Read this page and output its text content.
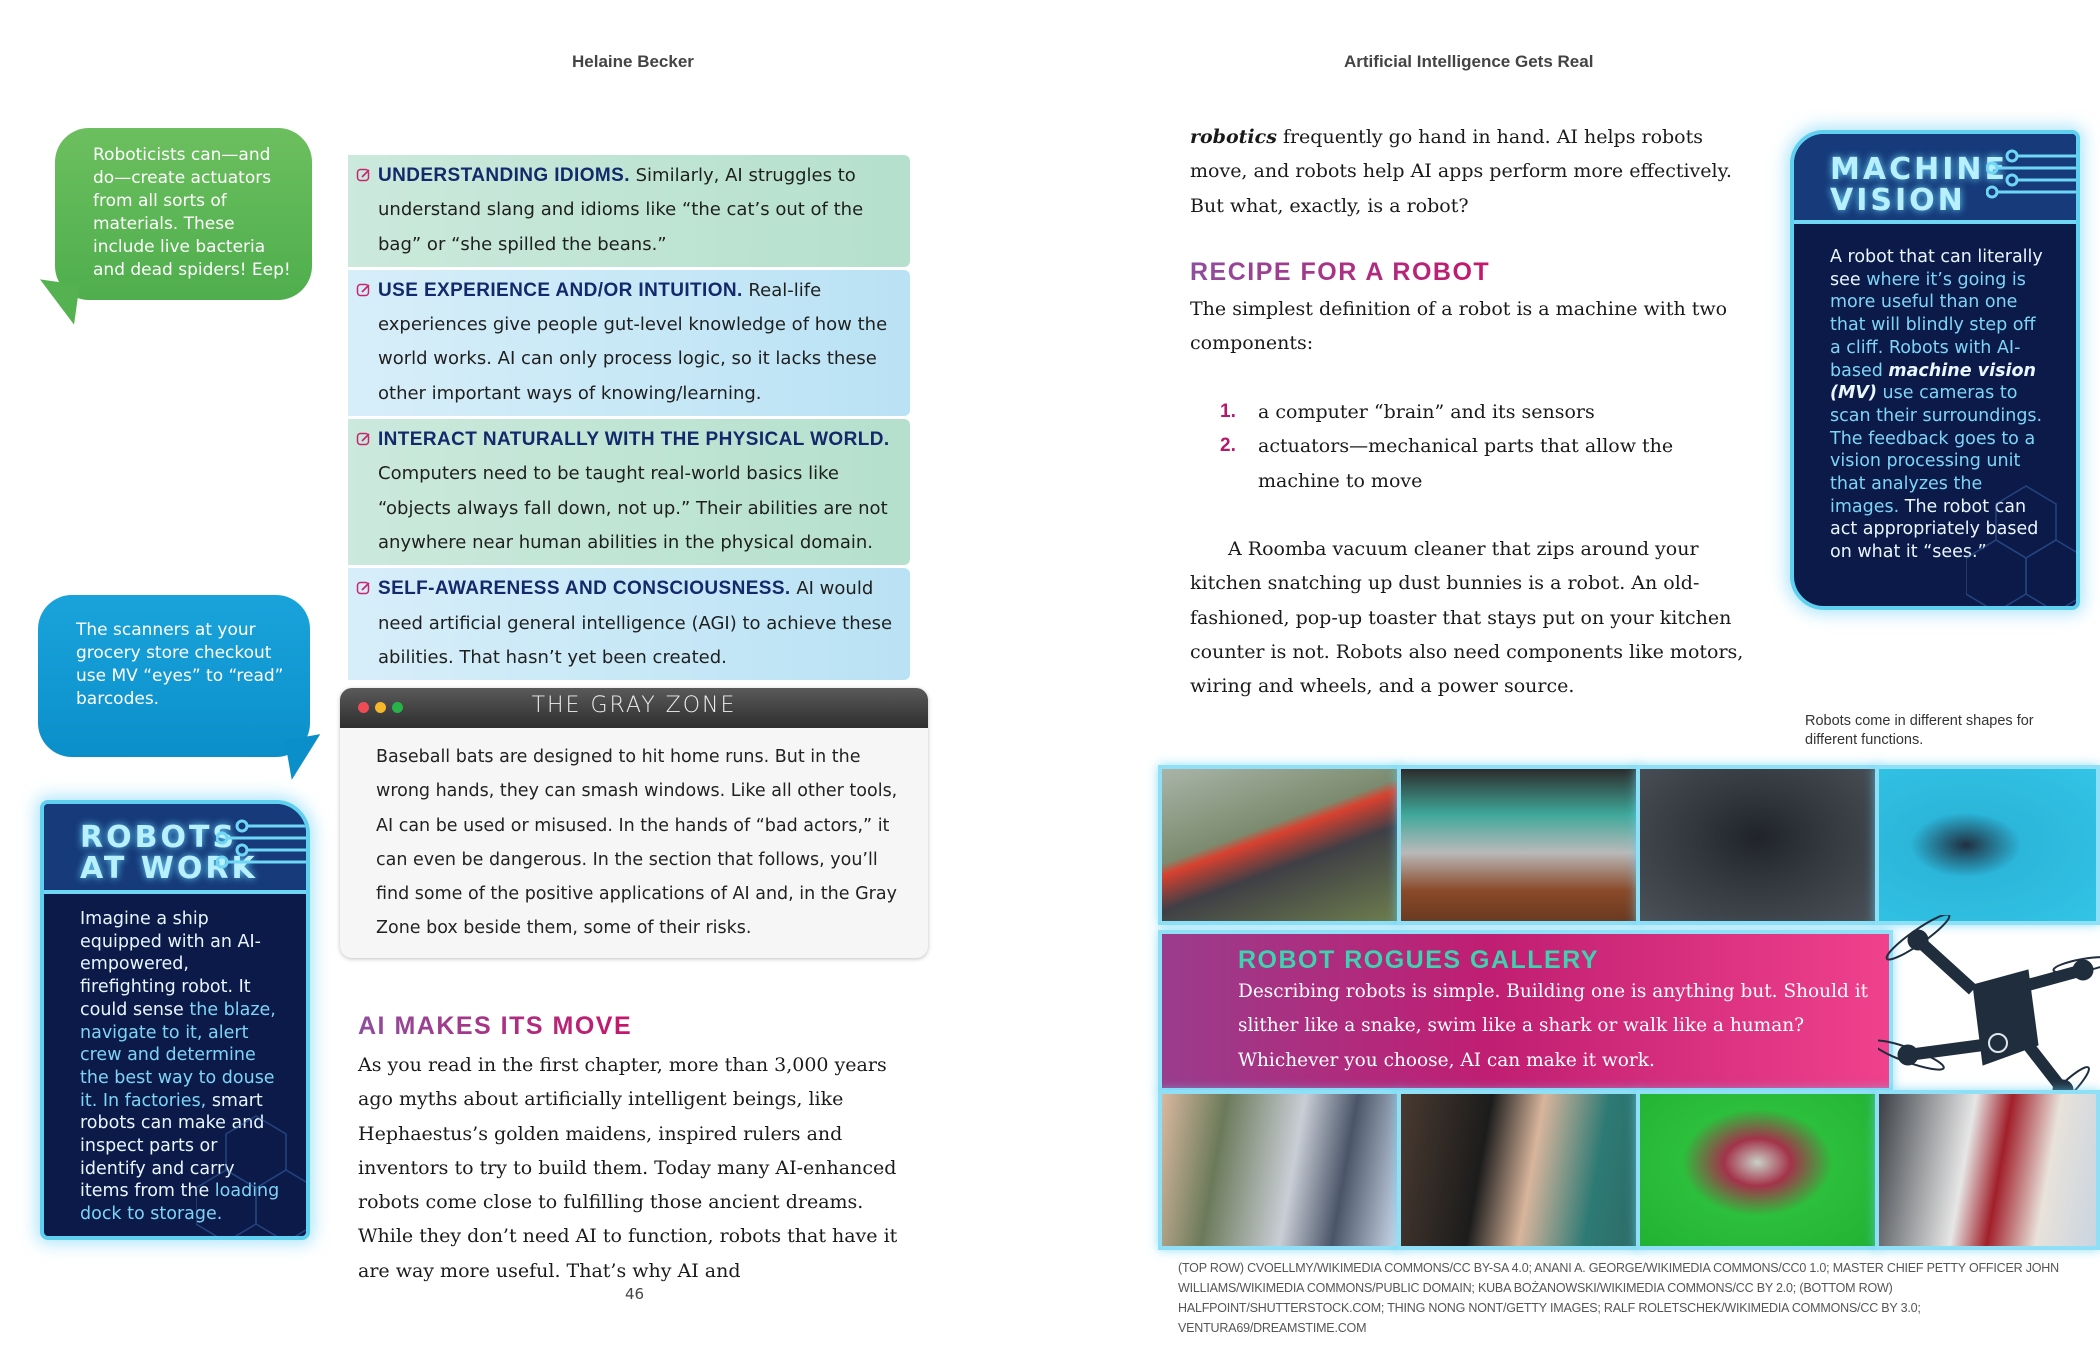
Helaine Becker
Roboticists can—and do—create actuators from all sorts of materials. These include live bacteria and dead spiders! Eep!
UNDERSTANDING IDIOMS. Similarly, AI struggles to understand slang and idioms like “the cat’s out of the bag” or “she spilled the beans.”
USE EXPERIENCE AND/OR INTUITION. Real-life experiences give people gut-level knowledge of how the world works. AI can only process logic, so it lacks these other important ways of knowing/learning.
INTERACT NATURALLY WITH THE PHYSICAL WORLD. Computers need to be taught real-world basics like “objects always fall down, not up.” Their abilities are not anywhere near human abilities in the physical domain.
SELF-AWARENESS AND CONSCIOUSNESS. AI would need artificial general intelligence (AGI) to achieve these abilities. That hasn’t yet been created.
The scanners at your grocery store checkout use MV “eyes” to “read” barcodes.
ROBOTS
AT WORK
Imagine a ship equipped with an AI-empowered, firefighting robot. It could sense the blaze, navigate to it, alert crew and determine the best way to douse it. In factories, smart robots can make and inspect parts or identify and carry items from the loading dock to storage.
THE GRAY ZONE
Baseball bats are designed to hit home runs. But in the wrong hands, they can smash windows. Like all other tools, AI can be used or misused. In the hands of “bad actors,” it can even be dangerous. In the section that follows, you’ll find some of the positive applications of AI and, in the Gray Zone box beside them, some of their risks.
AI MAKES ITS MOVE
As you read in the first chapter, more than 3,000 years ago myths about artificially intelligent beings, like Hephaestus’s golden maidens, inspired rulers and inventors to try to build them. Today many AI-enhanced robots come close to fulfilling those ancient dreams. While they don’t need AI to function, robots that have it are way more useful. That’s why AI and
46
Artificial Intelligence Gets Real
robotics frequently go hand in hand. AI helps robots move, and robots help AI apps perform more effectively. But what, exactly, is a robot?
RECIPE FOR A ROBOT
The simplest definition of a robot is a machine with two components:
1. a computer “brain” and its sensors
2. actuators—mechanical parts that allow the machine to move
A Roomba vacuum cleaner that zips around your kitchen snatching up dust bunnies is a robot. An old-fashioned, pop-up toaster that stays put on your kitchen counter is not. Robots also need components like motors, wiring and wheels, and a power source.
MACHINE
VISION
A robot that can literally see where it’s going is more useful than one that will blindly step off a cliff. Robots with AI-based machine vision (MV) use cameras to scan their surroundings. The feedback goes to a vision processing unit that analyzes the images. The robot can act appropriately based on what it “sees.”
Robots come in different shapes for different functions.
ROBOT ROGUES GALLERY
Describing robots is simple. Building one is anything but. Should it slither like a snake, swim like a shark or walk like a human? Whichever you choose, AI can make it work.
(TOP ROW) CVOELLMY/WIKIMEDIA COMMONS/CC BY-SA 4.0; ANANI A. GEORGE/WIKIMEDIA COMMONS/CC0 1.0; MASTER CHIEF PETTY OFFICER JOHN WILLIAMS/WIKIMEDIA COMMONS/PUBLIC DOMAIN; KUBA BOŻANOWSKI/WIKIMEDIA COMMONS/CC BY 2.0; (BOTTOM ROW) HALFPOINT/SHUTTERSTOCK.COM; THING NONG NONT/GETTY IMAGES; RALF ROLETSCHEK/WIKIMEDIA COMMONS/CC BY 3.0; VENTURA69/DREAMSTIME.COM
